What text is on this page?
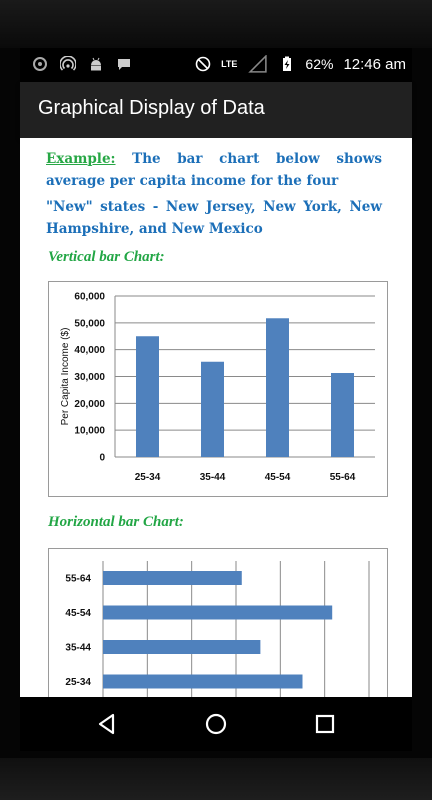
LTE	62% 12:46 am
Graphical Display of Data
Example: The bar chart below shows average per capita income for the four
"New" states - New Jersey, New York, New Hampshire, and New Mexico
Vertical bar Chart:
0
10,000
20,000
30,000
40,000
50,000
60,000
Per Capita Income ($)
25-34	35-44	45-54	55-64
Horizontal bar Chart:
55-64
45-54
35-44
25-34
